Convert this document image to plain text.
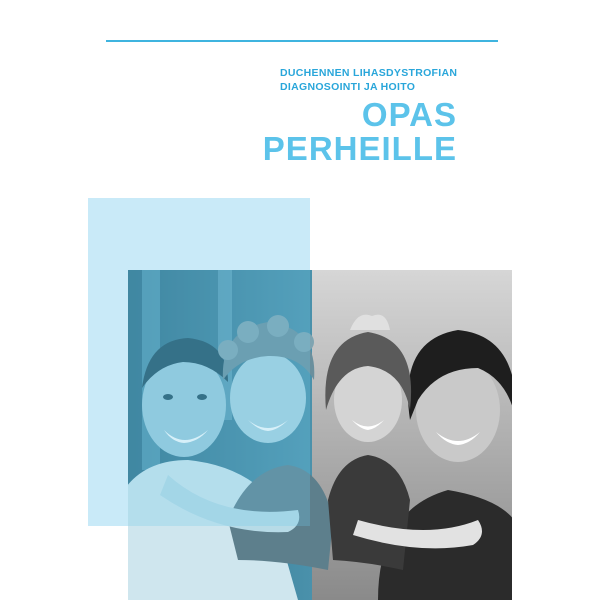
DUCHENNEN LIHASDYSTROFIAN
DIAGNOSOINTI JA HOITO
OPAS
PERHEILLE
